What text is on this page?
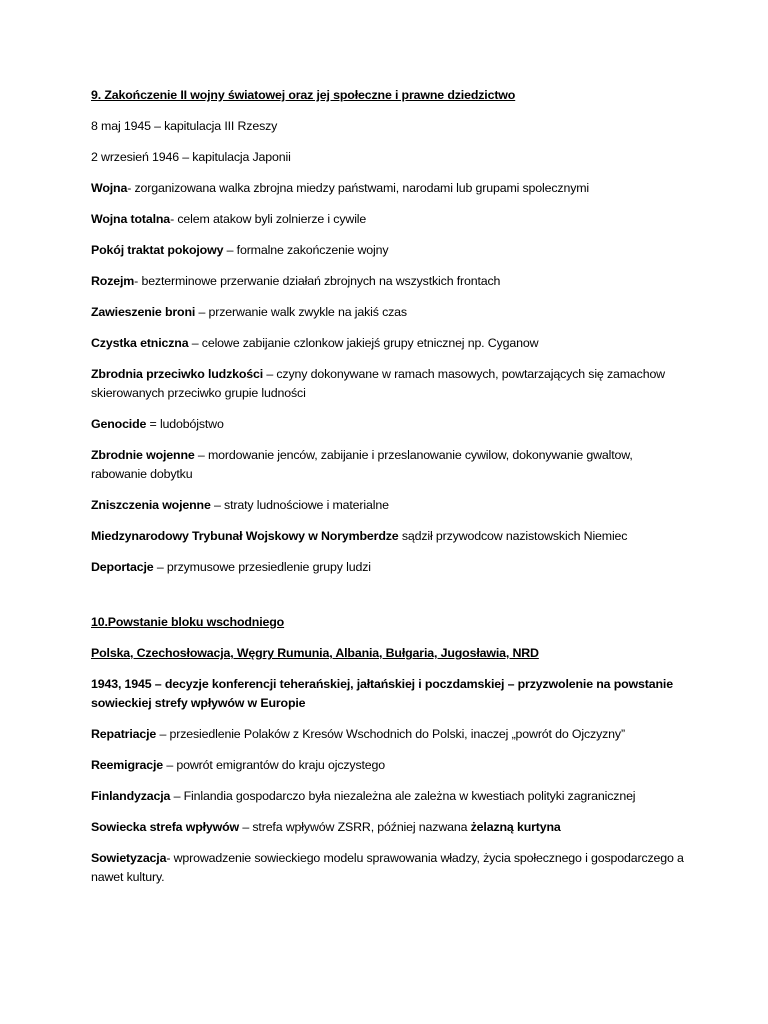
9. Zakończenie II wojny światowej oraz jej społeczne i prawne dziedzictwo
8 maj 1945 – kapitulacja III Rzeszy
2 wrzesień 1946 – kapitulacja Japonii
Wojna- zorganizowana walka zbrojna miedzy państwami, narodami lub grupami spolecznymi
Wojna totalna- celem atakow byli zolnierze i cywile
Pokój traktat pokojowy – formalne zakończenie wojny
Rozejm- bezterminowe przerwanie działań zbrojnych na wszystkich frontach
Zawieszenie broni – przerwanie walk zwykle na jakiś czas
Czystka etniczna – celowe zabijanie czlonkow jakiejś grupy etnicznej np. Cyganow
Zbrodnia przeciwko ludzkości – czyny dokonywane w ramach masowych, powtarzających się zamachow skierowanych przeciwko grupie ludności
Genocide = ludobójstwo
Zbrodnie wojenne – mordowanie jenców, zabijanie i przeslanowanie cywilow, dokonywanie gwaltow, rabowanie dobytku
Zniszczenia wojenne – straty ludnościowe i materialne
Miedzynarodowy Trybunał Wojskowy w Norymberdze sądził przywodcow nazistowskich Niemiec
Deportacje – przymusowe przesiedlenie grupy ludzi
10.Powstanie bloku wschodniego
Polska, Czechosłowacja, Węgry Rumunia, Albania, Bułgaria, Jugosławia, NRD
1943, 1945 – decyzje konferencji teherańskiej, jałtańskiej i poczdamskiej – przyzwolenie na powstanie sowieckiej strefy wpływów w Europie
Repatriacje – przesiedlenie Polaków z Kresów Wschodnich do Polski, inaczej „powrót do Ojczyzny”
Reemigracje – powrót emigrantów do kraju ojczystego
Finlandyzacja – Finlandia gospodarczo była niezależna ale zależna w kwestiach polityki zagranicznej
Sowiecka strefa wpływów – strefa wpływów ZSRR, później nazwana żelazną kurtyna
Sowietyzacja- wprowadzenie sowieckiego modelu sprawowania władzy, życia społecznego i gospodarczego a nawet kultury.
